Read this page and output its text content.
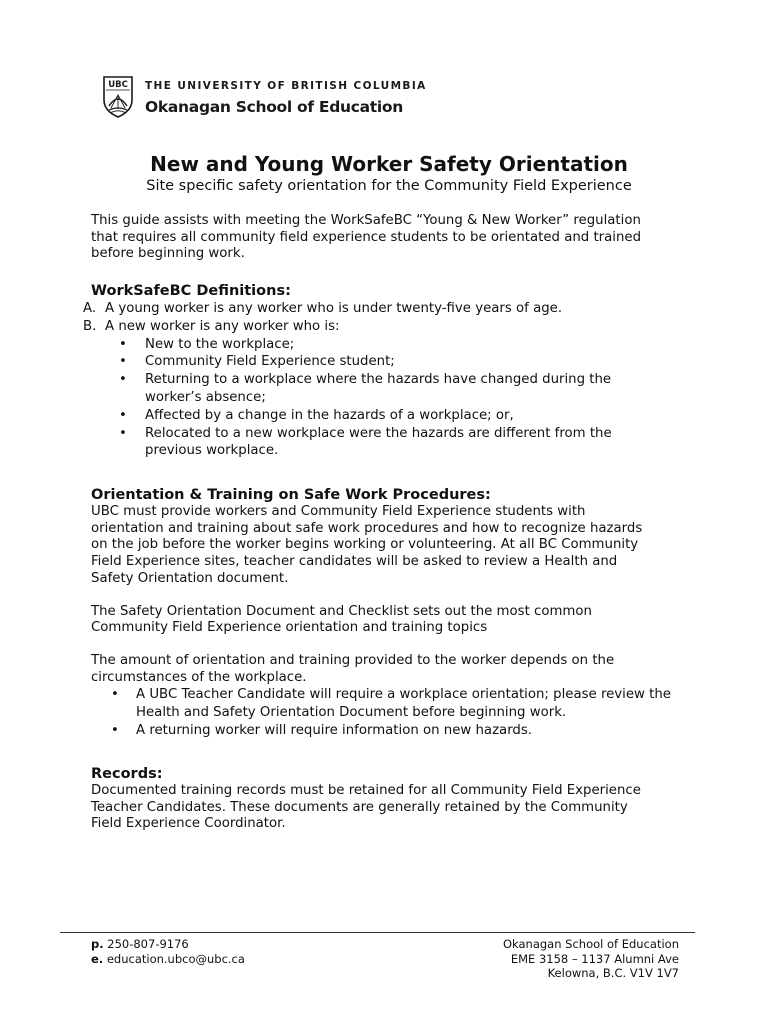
UBC THE UNIVERSITY OF BRITISH COLUMBIA
Okanagan School of Education
New and Young Worker Safety Orientation

Site specific safety orientation for the Community Field Experience

This guide assists with meeting the WorkSafeBC “Young & New Worker” regulation

that requires all community field experience students to be orientated and trained

before beginning work.

WorkSafeBC Definitions:
A. A young worker is any worker who is under twenty-five years of age.
B. A new worker is any worker who is:
• New to the workplace;
• Community Field Experience student;
• Returning to a workplace where the hazards have changed during the worker’s absence;
• Affected by a change in the hazards of a workplace; or,
• Relocated to a new workplace were the hazards are different from the previous workplace.
Orientation & Training on Safe Work Procedures:

UBC must provide workers and Community Field Experience students with

orientation and training about safe work procedures and how to recognize hazards

on the job before the worker begins working or volunteering. At all BC Community

Field Experience sites, teacher candidates will be asked to review a Health and

Safety Orientation document.

The Safety Orientation Document and Checklist sets out the most common

Community Field Experience orientation and training topics

The amount of orientation and training provided to the worker depends on the

circumstances of the workplace.

• A UBC Teacher Candidate will require a workplace orientation; please review the Health and Safety Orientation Document before beginning work.
• A returning worker will require information on new hazards.
Records:

Documented training records must be retained for all Community Field Experience

Teacher Candidates. These documents are generally retained by the Community

Field Experience Coordinator.

p. 250-807-9176
e. education.ubco@ubc.ca
Okanagan School of Education
EME 3158 – 1137 Alumni Ave
Kelowna, B.C. V1V 1V7
